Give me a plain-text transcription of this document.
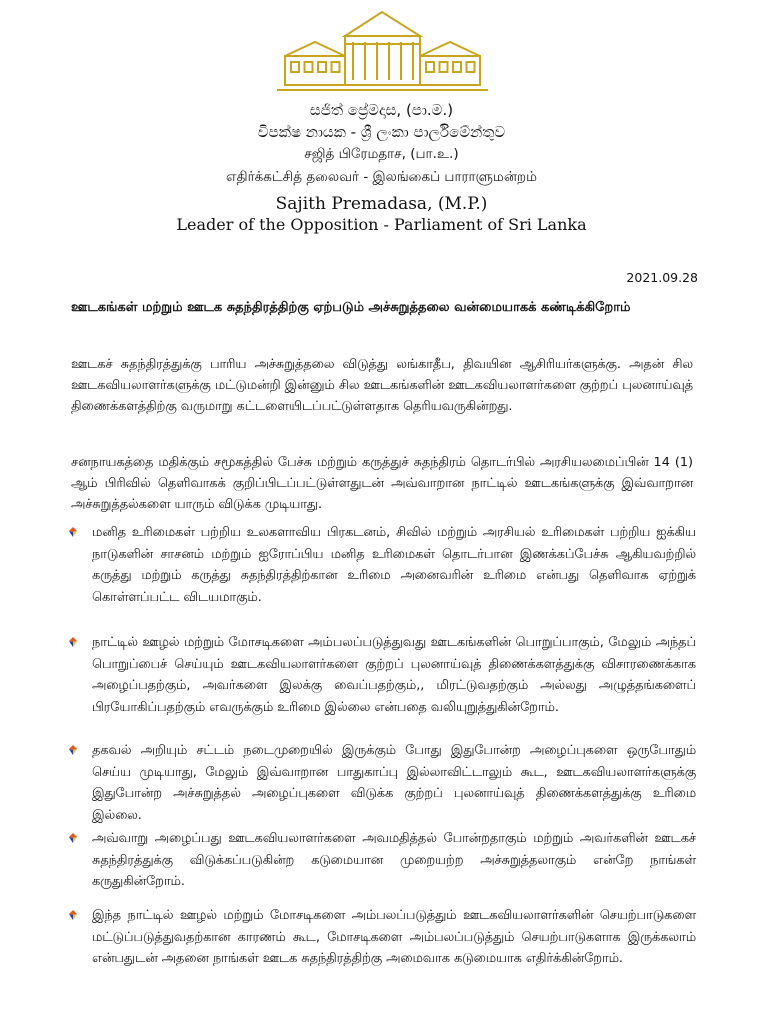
සජිත් ප්‍රේමදාස, (පා.ම.)
විපක්ෂ නායක - ශ්‍රී ලංකා පාර්ලිමේන්තුව
சஜித் பிரேமதாச, (பா.உ.)
எதிர்க்கட்சித் தலைவர் - இலங்கைப் பாராளுமன்றம்
Sajith Premadasa, (M.P.)
Leader of the Opposition - Parliament of Sri Lanka
2021.09.28
ஊடகங்கள் மற்றும் ஊடக சுதந்திரத்திற்கு ஏற்படும் அச்சுறுத்தலை வன்மையாகக் கண்டிக்கிறோம்
ஊடகச் சுதந்திரத்துக்கு பாரிய அச்சுறுத்தலை விடுத்து லங்காதீப, திவயின ஆசிரியர்களுக்கு. அதன் சில ஊடகவியலாளர்களுக்கு மட்டுமன்றி இன்னும் சில ஊடகங்களின் ஊடகவியலாளர்களை குற்றப் புலனாய்வுத் திணைக்களத்திற்கு வருமாறு கட்டளையிடப்பட்டுள்ளதாக தெரியவருகின்றது.
சனநாயகத்தை மதிக்கும் சமூகத்தில் பேச்சு மற்றும் கருத்துச் சுதந்திரம் தொடர்பில் அரசியலமைப்பின் 14 (1) ஆம் பிரிவில் தெளிவாகக் குறிப்பிடப்பட்டுள்ளதுடன் அவ்வாறான நாட்டில் ஊடகங்களுக்கு இவ்வாறான அச்சுறுத்தல்களை யாரும் விடுக்க முடியாது.
மனித உரிமைகள் பற்றிய உலகளாவிய பிரகடனம், சிவில் மற்றும் அரசியல் உரிமைகள் பற்றிய ஐக்கிய நாடுகளின் சாசனம் மற்றும் ஐரோப்பிய மனித உரிமைகள் தொடர்பான இணக்கப்பேச்சு ஆகியவற்றில் கருத்து மற்றும் கருத்து சுதந்திரத்திற்கான உரிமை அனைவரின் உரிமை என்பது தெளிவாக ஏற்றுக் கொள்ளப்பட்ட விடயமாகும்.
நாட்டில் ஊழல் மற்றும் மோசடிகளை அம்பலப்படுத்துவது ஊடகங்களின் பொறுப்பாகும், மேலும் அந்தப் பொறுப்பைச் செய்யும் ஊடகவியலாளர்களை குற்றப் புலனாய்வுத் திணைக்களத்துக்கு விசாரணைக்காக அழைப்பதற்கும், அவர்களை இலக்கு வைப்பதற்கும்,, மிரட்டுவதற்கும் அல்லது அழுத்தங்களைப் பிரயோகிப்பதற்கும் எவருக்கும் உரிமை இல்லை என்பதை வலியுறுத்துகின்றோம்.
தகவல் அறியும் சட்டம் நடைமுறையில் இருக்கும் போது இதுபோன்ற அழைப்புகளை ஒருபோதும் செய்ய முடியாது, மேலும் இவ்வாறான பாதுகாப்பு இல்லாவிட்டாலும் கூட, ஊடகவியலாளர்களுக்கு இதுபோன்ற அச்சுறுத்தல் அழைப்புகளை விடுக்க குற்றப் புலனாய்வுத் திணைக்களத்துக்கு உரிமை இல்லை.
அவ்வாறு அழைப்பது ஊடகவியலாளர்களை அவமதித்தல் போன்றதாகும் மற்றும் அவர்களின் ஊடகச் சுதந்திரத்துக்கு விடுக்கப்படுகின்ற கடுமையான முறையற்ற அச்சுறுத்தலாகும் என்றே நாங்கள் கருதுகின்றோம்.
இந்த நாட்டில் ஊழல் மற்றும் மோசடிகளை அம்பலப்படுத்தும் ஊடகவியலாளர்களின் செயற்பாடுகளை மட்டுப்படுத்துவதற்கான காரணம் கூட, மோசடிகளை அம்பலப்படுத்தும் செயற்பாடுகளாக இருக்கலாம் என்பதுடன் அதனை நாங்கள் ஊடக சுதந்திரத்திற்கு அமைவாக கடுமையாக எதிர்க்கின்றோம்.
